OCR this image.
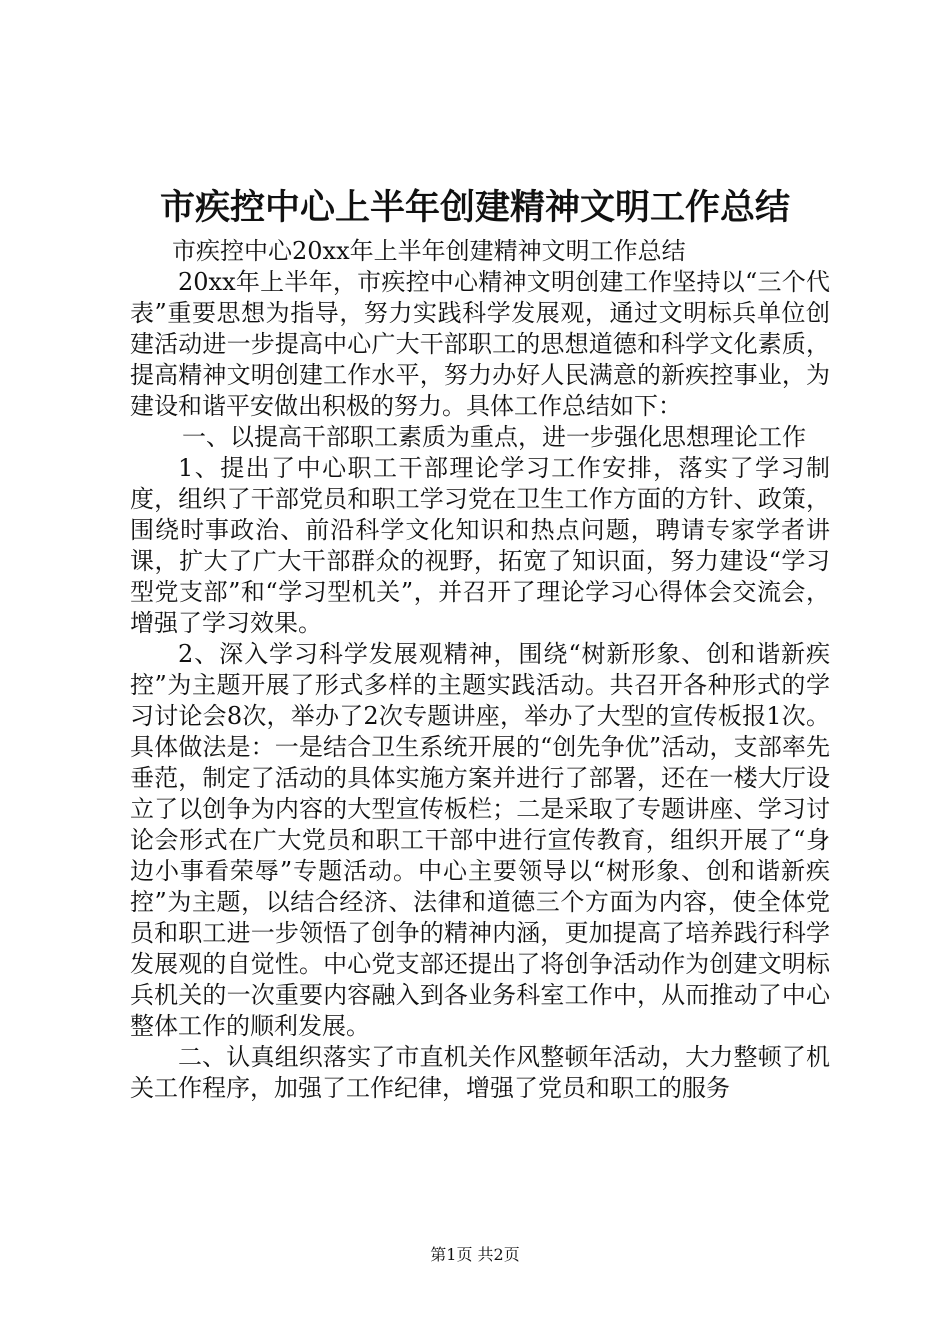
市疾控中心上半年创建精神文明工作总结

市疾控中心20xx年上半年创建精神文明工作总结

20xx年上半年，市疾控中心精神文明创建工作坚持以“三个代表”重要思想为指导，努力实践科学发展观，通过文明标兵单位创建活动进一步提高中心广大干部职工的思想道德和科学文化素质，提高精神文明创建工作水平，努力办好人民满意的新疾控事业，为建设和谐平安做出积极的努力。具体工作总结如下：

一、以提高干部职工素质为重点，进一步强化思想理论工作

1、提出了中心职工干部理论学习工作安排，落实了学习制度，组织了干部党员和职工学习党在卫生工作方面的方针、政策，围绕时事政治、前沿科学文化知识和热点问题，聘请专家学者讲课，扩大了广大干部群众的视野，拓宽了知识面，努力建设“学习型党支部”和“学习型机关”，并召开了理论学习心得体会交流会，增强了学习效果。

2、深入学习科学发展观精神，围绕“树新形象、创和谐新疾控”为主题开展了形式多样的主题实践活动。共召开各种形式的学习讨论会8次，举办了2次专题讲座，举办了大型的宣传板报1次。具体做法是：一是结合卫生系统开展的“创先争优”活动，支部率先垂范，制定了活动的具体实施方案并进行了部署，还在一楼大厅设立了以创争为内容的大型宣传板栏；二是采取了专题讲座、学习讨论会形式在广大党员和职工干部中进行宣传教育，组织开展了“身边小事看荣辱”专题活动。中心主要领导以“树形象、创和谐新疾控”为主题，以结合经济、法律和道德三个方面为内容，使全体党员和职工进一步领悟了创争的精神内涵，更加提高了培养践行科学发展观的自觉性。中心党支部还提出了将创争活动作为创建文明标兵机关的一次重要内容融入到各业务科室工作中，从而推动了中心整体工作的顺利发展。

二、认真组织落实了市直机关作风整顿年活动，大力整顿了机关工作程序，加强了工作纪律，增强了党员和职工的服务

第1页 共2页
